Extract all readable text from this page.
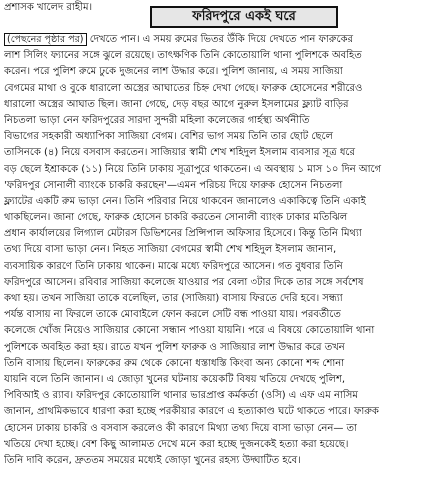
প্রশাসক খালেদ রাহীম।
ফরিদপুরে একই ঘরে
(পেছনের পৃষ্ঠার পর) দেখতে পান। এ সময় রুমের ভিতর উঁকি দিয়ে দেখতে পান ফারুকের
লাশ সিলিং ফ্যানের সঙ্গে ঝুলে রয়েছে। তাৎক্ষণিক তিনি কোতোয়ালি থানা পুলিশকে অবহিত
করেন। পরে পুলিশ রুমে ঢুকে দুজনের লাশ উদ্ধার করে। পুলিশ জানায়, এ সময় সাজিয়া
বেগমের মাথা ও বুকে ধারালো অস্ত্রের আঘাতের চিহ্ন দেখা গেছে। ফারুক হোসেনের শরীরেও
ধারালো অস্ত্রের আঘাত ছিল। জানা গেছে, দেড় বছর আগে নুরুল ইসলামের ফ্ল্যাট বাড়ির
নিচতলা ভাড়া নেন ফরিদপুরের সারদা সুন্দরী মহিলা কলেজের গার্হস্থ্য অর্থনীতি
বিভাগের সহকারী অধ্যাপিকা সাজিয়া বেগম। বেশির ভাগ সময় তিনি তার ছোট ছেলে
তাসিনকে (৪) নিয়ে বসবাস করতেন। সাজিয়ার স্বামী শেখ শহিদুল ইসলাম ব্যবসার সূত্র ধরে
বড় ছেলে ইশ্রাককে (১১) নিয়ে তিনি ঢাকায় সূত্রাপুরে থাকতেন। এ অবস্থায় ১ মাস ১০ দিন আগে
'ফরিদপুর সোনালী ব্যাংকে চাকরি করছেন'—এমন পরিচয় দিয়ে ফারুক হোসেন নিচতলা
ফ্ল্যাটের একটি রুম ভাড়া নেন। তিনি পরিবার নিয়ে থাকবেন জানালেও একাকিত্বে তিনি একাই
থাকছিলেন। জানা গেছে, ফারুক হোসেন চাকরি করতেন সোনালী ব্যাংক ঢাকার মতিঝিল
প্রধান কার্যালয়ের লিগ্যাল মেটারস ডিভিশনের প্রিন্সিপাল অফিসার হিসেবে। কিন্তু তিনি মিথ্যা
তথ্য দিয়ে বাসা ভাড়া নেন। নিহত সাজিয়া বেগমের স্বামী শেখ শহিদুল ইসলাম জানান,
ব্যবসায়িক কারণে তিনি ঢাকায় থাকেন। মাঝে মধ্যে ফরিদপুরে আসেন। গত বুধবার তিনি
ফরিদপুরে আসেন। রবিবার সাজিয়া কলেজে যাওয়ার পর বেলা ৩টার দিকে তার সঙ্গে সর্বশেষ
কথা হয়। তখন সাজিয়া তাকে বলেছিল, তার (সাজিয়া) বাসায় ফিরতে দেরি হবে। সন্ধ্যা
পর্যন্ত বাসায় না ফিরলে তাকে মোবাইলে ফোন করলে সেটি বন্ধ পাওয়া যায়। পরবর্তীতে
কলেজে খোঁজ নিয়েও সাজিয়ার কোনো সন্ধান পাওয়া যায়নি। পরে এ বিষয়ে কোতোয়ালি থানা
পুলিশকে অবহিত করা হয়। রাতে যখন পুলিশ ফারুক ও সাজিয়ার লাশ উদ্ধার করে তখন
তিনি বাসায় ছিলেন। ফারুকের রুম থেকে কোনো ধস্তাধস্তি কিংবা অন্য কোনো শব্দ শোনা
যায়নি বলে তিনি জানান। এ জোড়া খুনের ঘটনায় কয়েকটি বিষয় খতিয়ে দেখছে পুলিশ,
পিবিআই ও র‌্যাব। ফরিদপুর কোতোয়ালি থানার ভারপ্রাপ্ত কর্মকর্তা (ওসি) এ এফ এম নাসিম
জানান, প্রাথমিকভাবে ধারণা করা হচ্ছে পরকীয়ার কারণে এ হত্যাকাণ্ড ঘটে থাকতে পারে। ফারুক
হোসেন ঢাকায় চাকরি ও বসবাস করলেও কী কারণে মিথ্যা তথ্য দিয়ে বাসা ভাড়া নেন— তা
খতিয়ে দেখা হচ্ছে। বেশ কিছু আলামত দেখে মনে করা হচ্ছে দুজনকেই হত্যা করা হয়েছে।
তিনি দাবি করেন, দ্রুততম সময়ের মধ্যেই জোড়া খুনের রহস্য উদ্ঘাটিত হবে।
